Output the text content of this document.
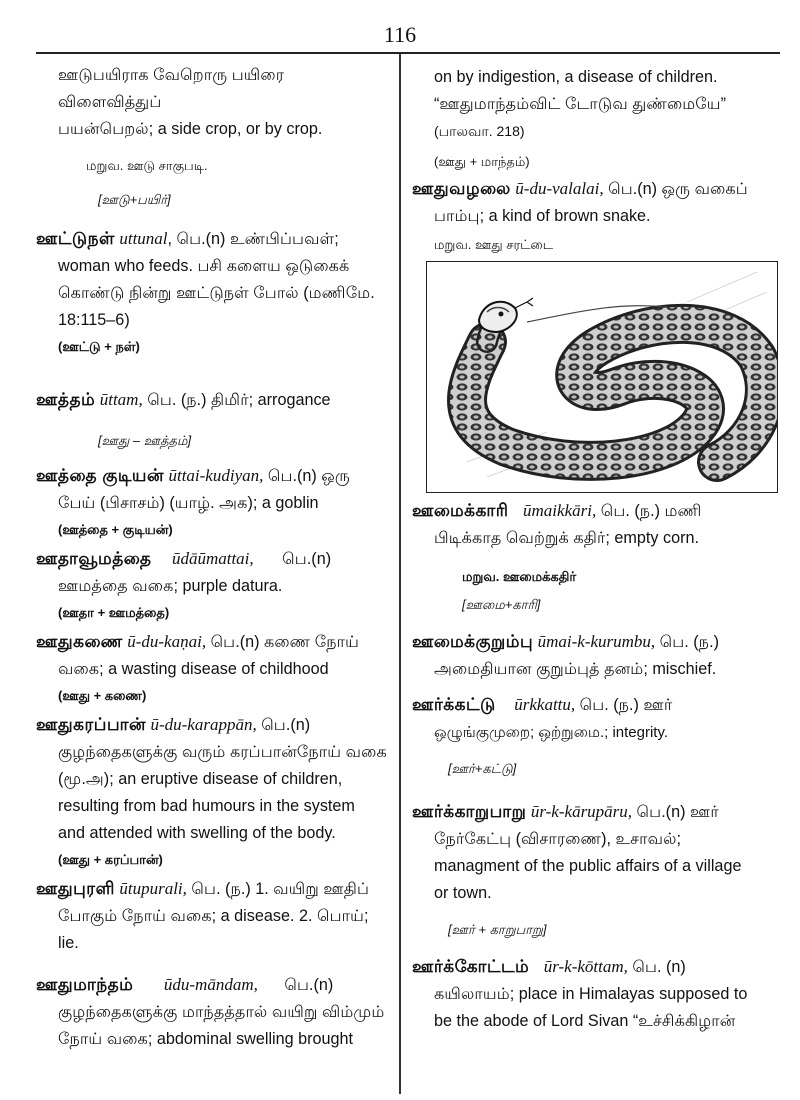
116
ஊடுபயிராக வேறொரு பயிரை விளைவித்துப்
பயன்பெறல்; a side crop, or by crop.
மறுவ. ஊடு சாகுபடி.
[ஊடு+பயிர்]
ஊட்டுநள் uttunal, பெ.(n) உண்பிப்பவள்;
woman who feeds. பசி களைய ஒடுகைக்
கொண்டு நின்று ஊட்டுநள் போல் (மணிமே.
18:115–6)
(ஊட்டு + நள்)
ஊத்தம் ūttam, பெ. (ந.) திமிர்; arrogance
[ஊது – ஊத்தம்]
ஊத்தை குடியன் ūttai-kudiyan, பெ.(n) ஒரு
பேய் (பிசாசம்) (யாழ். அக); a goblin
(ஊத்தை + குடியன்)
ஊதாவூமத்தை ūdāūmattai, பெ.(n)
ஊமத்தை வகை; purple datura.
(ஊதா + ஊமத்தை)
ஊதுகணை ū-du-kaṇai, பெ.(n) கணை நோய்
வகை; a wasting disease of childhood
(ஊது + கணை)
ஊதுகரப்பான் ū-du-karappān, பெ.(n)
குழந்தைகளுக்கு வரும் கரப்பான்நோய் வகை
(மூ.அ); an eruptive disease of children,
resulting from bad humours in the system
and attended with swelling of the body.
(ஊது + கரப்பான்)
ஊதுபுரளி ūtupurali, பெ. (ந.) 1. வயிறு ஊதிப்
போகும் நோய் வகை; a disease. 2. பொய்; lie.
ஊதுமாந்தம் ūdu-māndam, பெ.(n)
குழந்தைகளுக்கு மாந்தத்தால் வயிறு விம்மும்
நோய் வகை; abdominal swelling brought
on by indigestion, a disease of children.
“ஊதுமாந்தம்விட் டோடுவ துண்மையே”
(பாலவா. 218)
(ஊது + மாந்தம்)
ஊதுவழலை ū-du-valalai, பெ.(n) ஒரு வகைப்
பாம்பு; a kind of brown snake.
மறுவ. ஊது சரட்டை
ஊமைக்காரி ūmaikkāri, பெ. (ந.) மணி
பிடிக்காத வெற்றுக் கதிர்; empty corn.
மறுவ. ஊமைக்கதிர்
[ஊமை+காரி]
ஊமைக்குறும்பு ūmai-k-kurumbu, பெ. (ந.)
அமைதியான குறும்புத் தனம்; mischief.
ஊர்க்கட்டு ūrkkattu, பெ. (ந.) ஊர்
ஒழுங்குமுறை; ஒற்றுமை.; integrity.
[ஊர்+கட்டு]
ஊர்க்காறுபாறு ūr-k-kārupāru, பெ.(n) ஊர்
நேர்கேட்பு (விசாரணை), உசாவல்;
managment of the public affairs of a village
or town.
[ஊர் + காறுபாறு]
ஊர்க்கோட்டம் ūr-k-kōttam, பெ. (n)
கயிலாயம்; place in Himalayas supposed to
be the abode of Lord Sivan “உச்சிக்கிழான்
